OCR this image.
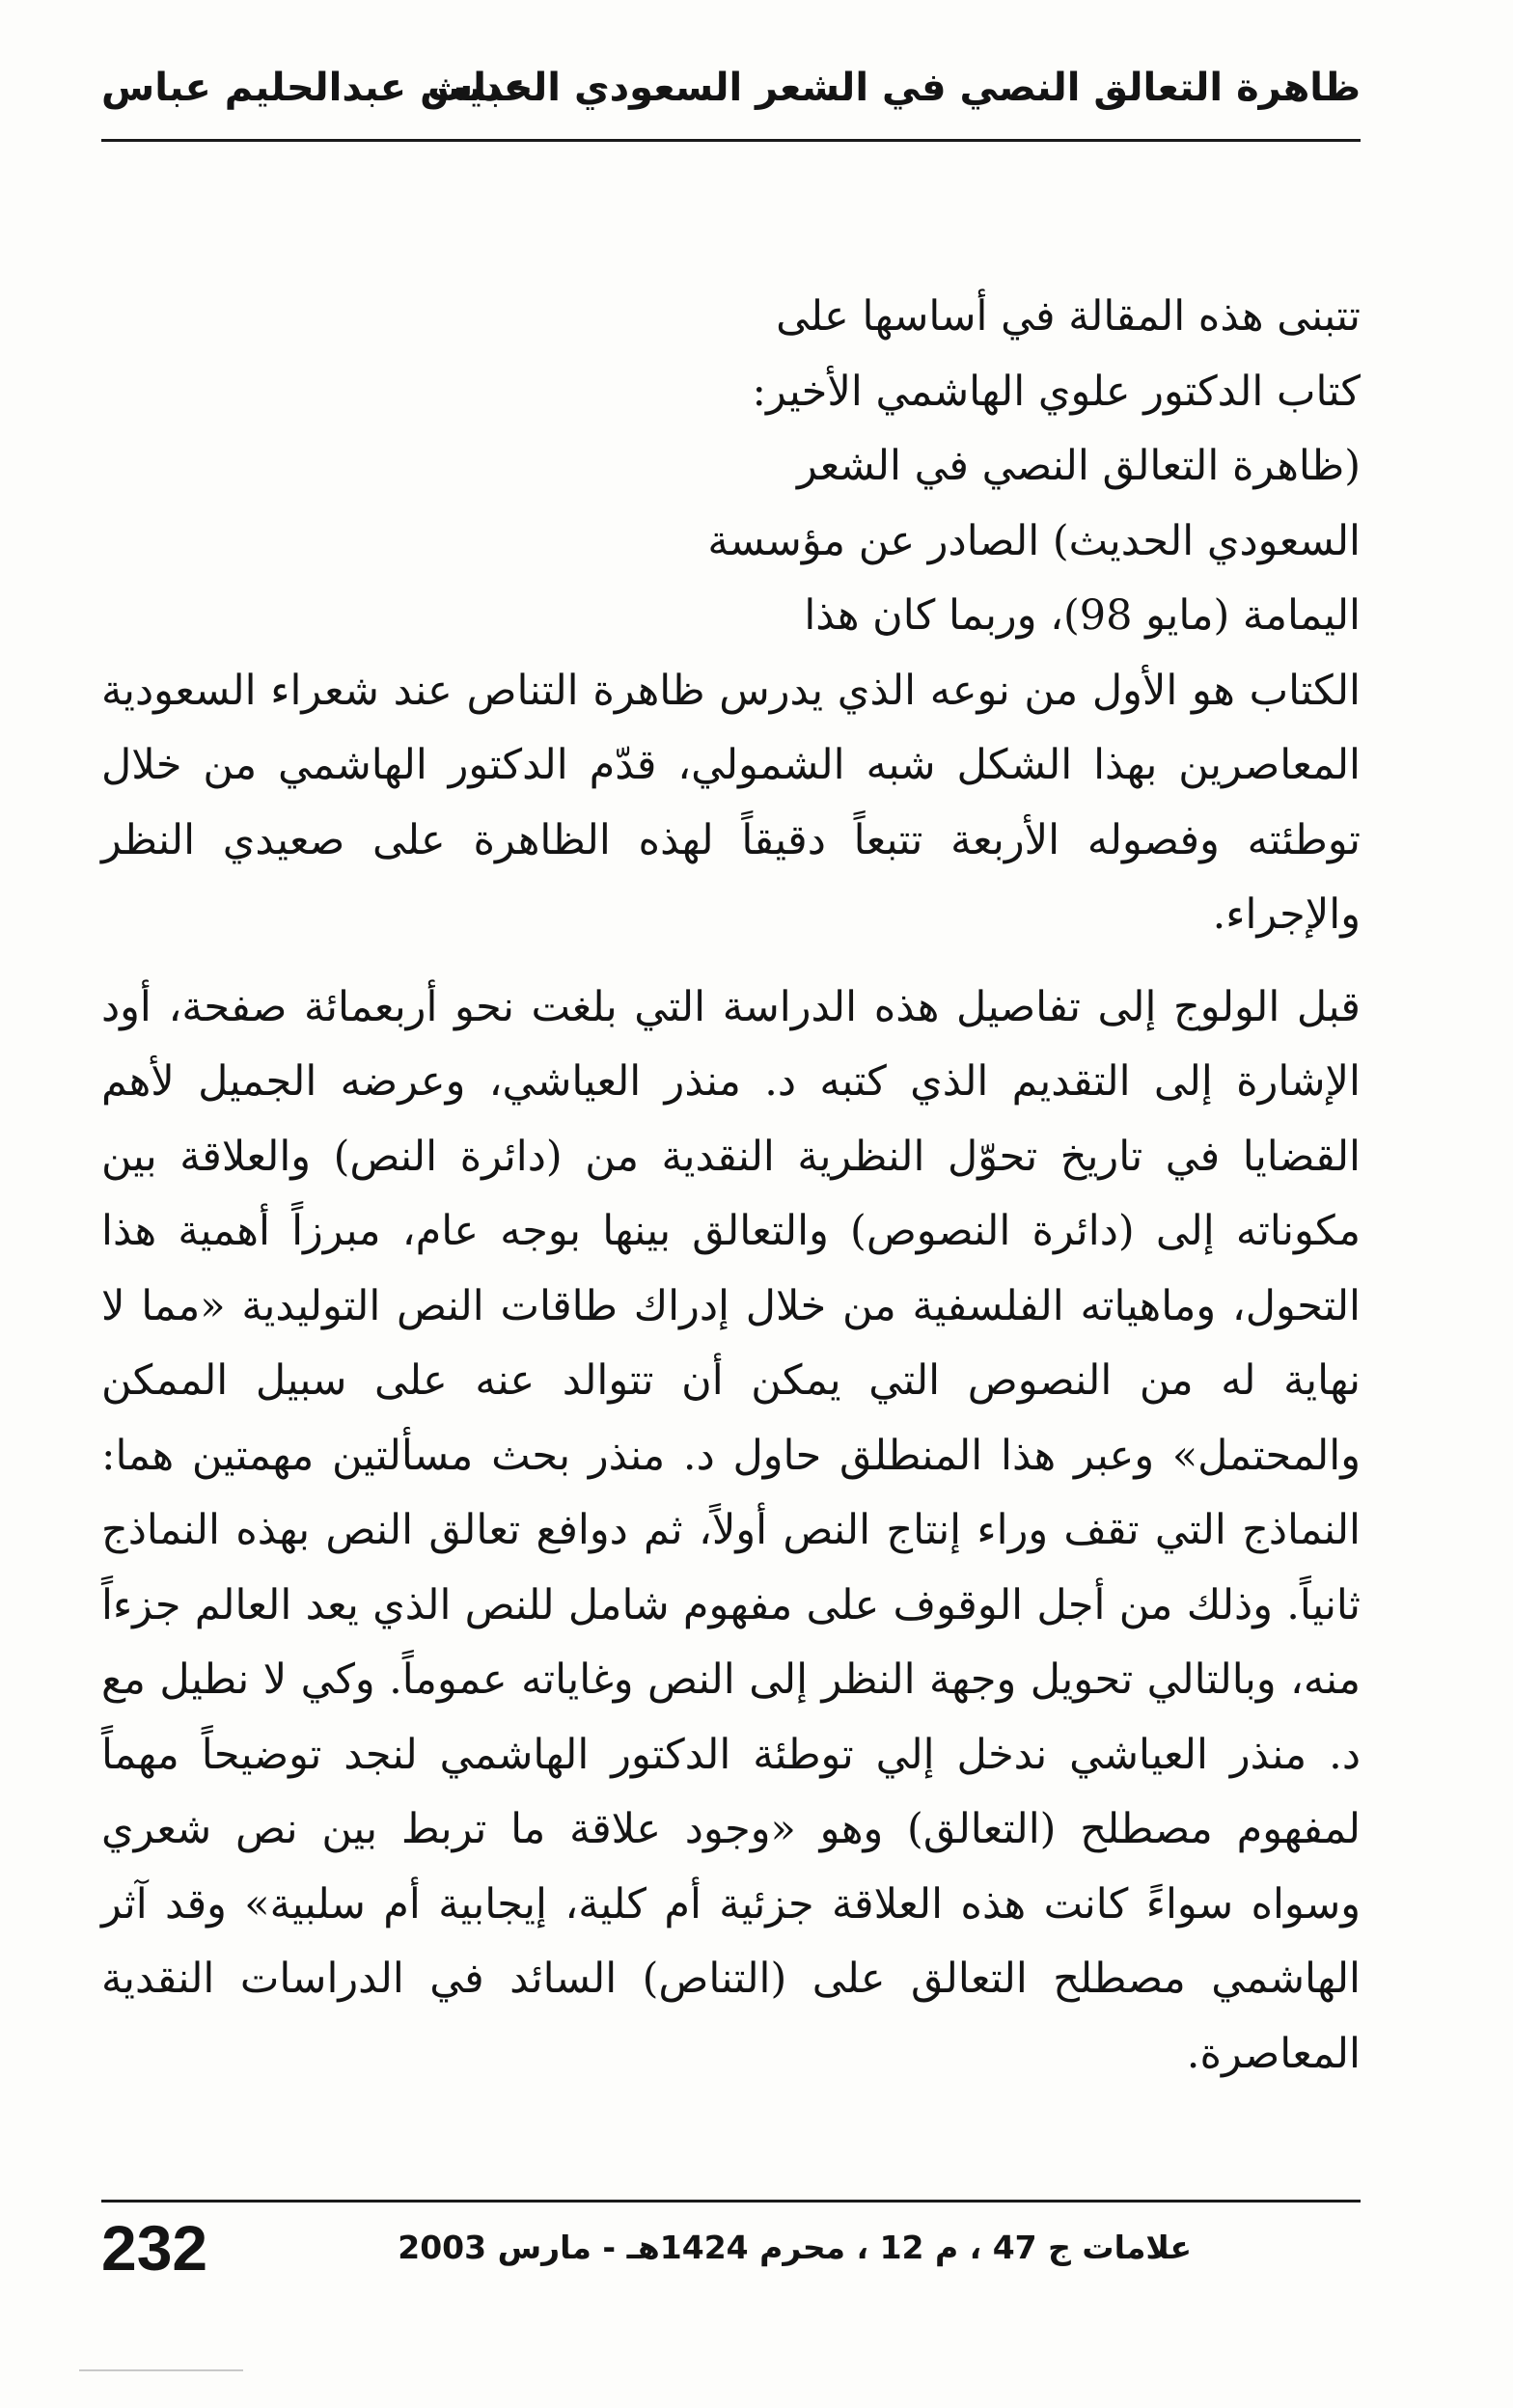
ظاهرة التعالق النصي في الشعر السعودي الحديث
عباس عبدالحليم عباس
تتبنى هذه المقالة في أساسها على
كتاب الدكتور علوي الهاشمي الأخير:
(ظاهرة التعالق النصي في الشعر
السعودي الحديث) الصادر عن مؤسسة
اليمامة (مايو 98)، وربما كان هذا

الكتاب هو الأول من نوعه الذي يدرس ظاهرة التناص عند شعراء السعودية المعاصرين بهذا الشكل شبه الشمولي، قدّم الدكتور الهاشمي من خلال توطئته وفصوله الأربعة تتبعاً دقيقاً لهذه الظاهرة على صعيدي النظر والإجراء.

قبل الولوج إلى تفاصيل هذه الدراسة التي بلغت نحو أربعمائة صفحة، أود الإشارة إلى التقديم الذي كتبه د. منذر العياشي، وعرضه الجميل لأهم القضايا في تاريخ تحوّل النظرية النقدية من (دائرة النص) والعلاقة بين مكوناته إلى (دائرة النصوص) والتعالق بينها بوجه عام، مبرزاً أهمية هذا التحول، وماهياته الفلسفية من خلال إدراك طاقات النص التوليدية «مما لا نهاية له من النصوص التي يمكن أن تتوالد عنه على سبيل الممكن والمحتمل» وعبر هذا المنطلق حاول د. منذر بحث مسألتين مهمتين هما: النماذج التي تقف وراء إنتاج النص أولاً، ثم دوافع تعالق النص بهذه النماذج ثانياً. وذلك من أجل الوقوف على مفهوم شامل للنص الذي يعد العالم جزءاً منه، وبالتالي تحويل وجهة النظر إلى النص وغاياته عموماً. وكي لا نطيل مع د. منذر العياشي ندخل إلي توطئة الدكتور الهاشمي لنجد توضيحاً مهماً لمفهوم مصطلح (التعالق) وهو «وجود علاقة ما تربط بين نص شعري وسواه سواءً كانت هذه العلاقة جزئية أم كلية، إيجابية أم سلبية» وقد آثر الهاشمي مصطلح التعالق على (التناص) السائد في الدراسات النقدية المعاصرة.

232	علامات ج 47 ، م 12 ، محرم 1424هـ - مارس 2003
